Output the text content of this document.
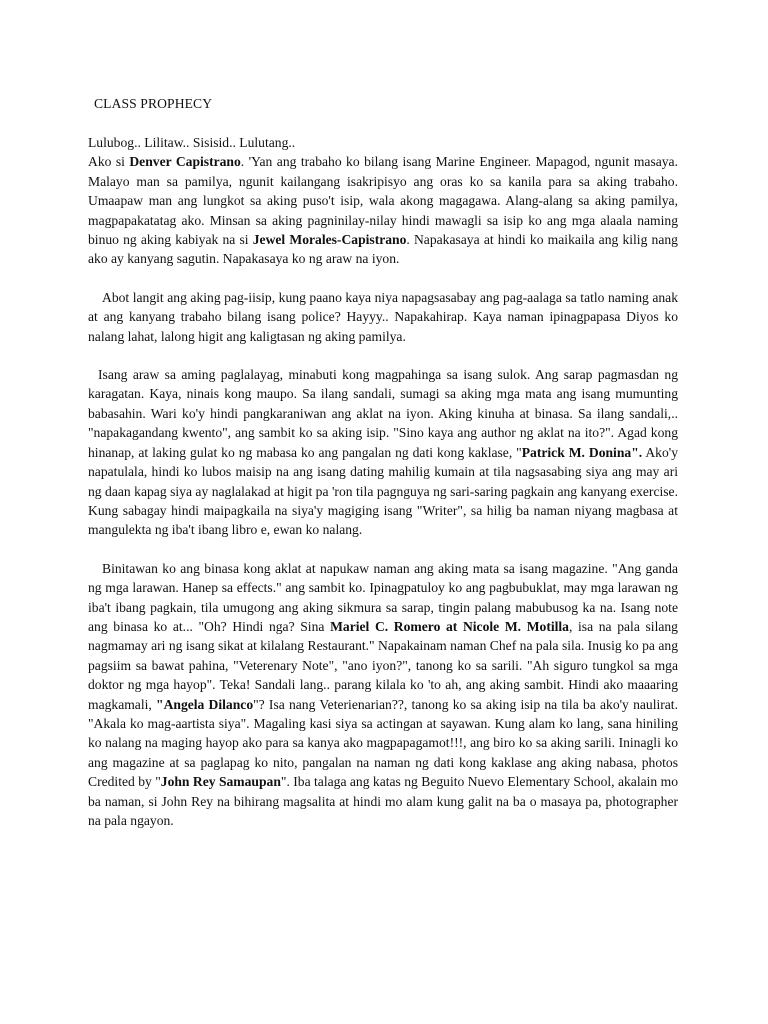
CLASS PROPHECY

Lulubog.. Lilitaw.. Sisisid.. Lulutang..
Ako si Denver Capistrano. 'Yan ang trabaho ko bilang isang Marine Engineer. Mapagod, ngunit masaya. Malayo man sa pamilya, ngunit kailangang isakripisyo ang oras ko sa kanila para sa aking trabaho. Umaapaw man ang lungkot sa aking puso't isip, wala akong magagawa. Alang-alang sa aking pamilya, magpapakatatag ako. Minsan sa aking pagninilay-nilay hindi mawagli sa isip ko ang mga alaala naming binuo ng aking kabiyak na si Jewel Morales-Capistrano. Napakasaya at hindi ko maikaila ang kilig nang ako ay kanyang sagutin. Napakasaya ko ng araw na iyon.

Abot langit ang aking pag-iisip, kung paano kaya niya napagsasabay ang pag-aalaga sa tatlo naming anak at ang kanyang trabaho bilang isang police? Hayyy.. Napakahirap. Kaya naman ipinagpapasa Diyos ko nalang lahat, lalong higit ang kaligtasan ng aking pamilya.

Isang araw sa aming paglalayag, minabuti kong magpahinga sa isang sulok. Ang sarap pagmasdan ng karagatan. Kaya, ninais kong maupo. Sa ilang sandali, sumagi sa aking mga mata ang isang mumunting babasahin. Wari ko'y hindi pangkaraniwan ang aklat na iyon. Aking kinuha at binasa. Sa ilang sandali,.. "napakagandang kwento", ang sambit ko sa aking isip. "Sino kaya ang author ng aklat na ito?". Agad kong hinanap, at laking gulat ko ng mabasa ko ang pangalan ng dati kong kaklase, "Patrick M. Donina". Ako'y napatulala, hindi ko lubos maisip na ang isang dating mahilig kumain at tila nagsasabing siya ang may ari ng daan kapag siya ay naglalakad at higit pa 'ron tila pagnguya ng sari-saring pagkain ang kanyang exercise. Kung sabagay hindi maipagkaila na siya'y magiging isang "Writer", sa hilig ba naman niyang magbasa at mangulekta ng iba't ibang libro e, ewan ko nalang.

Binitawan ko ang binasa kong aklat at napukaw naman ang aking mata sa isang magazine. "Ang ganda ng mga larawan. Hanep sa effects." ang sambit ko. Ipinagpatuloy ko ang pagbubuklat, may mga larawan ng iba't ibang pagkain, tila umugong ang aking sikmura sa sarap, tingin palang mabubusog ka na. Isang note ang binasa ko at... "Oh? Hindi nga? Sina Mariel C. Romero at Nicole M. Motilla, isa na pala silang nagmamay ari ng isang sikat at kilalang Restaurant." Napakainam naman Chef na pala sila. Inusig ko pa ang pagsiim sa bawat pahina, "Veterenary Note", "ano iyon?", tanong ko sa sarili. "Ah siguro tungkol sa mga doktor ng mga hayop". Teka! Sandali lang.. parang kilala ko 'to ah, ang aking sambit. Hindi ako maaaring magkamali, "Angela Dilanco"? Isa nang Veterienarian??, tanong ko sa aking isip na tila ba ako'y naulirat. "Akala ko mag-aartista siya". Magaling kasi siya sa actingan at sayawan. Kung alam ko lang, sana hiniling ko nalang na maging hayop ako para sa kanya ako magpapagamot!!!, ang biro ko sa aking sarili. Ininagli ko ang magazine at sa paglapag ko nito, pangalan na naman ng dati kong kaklase ang aking nabasa, photos Credited by "John Rey Samaupan". Iba talaga ang katas ng Beguito Nuevo Elementary School, akalain mo ba naman, si John Rey na bihirang magsalita at hindi mo alam kung galit na ba o masaya pa, photographer na pala ngayon.
